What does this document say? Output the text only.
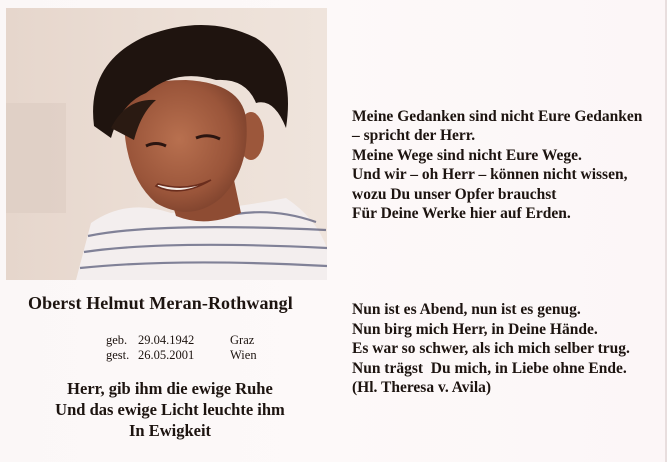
Oberst Helmut Meran-Rothwangl
geb. 29.04.1942	Graz
gest. 26.05.2001	Wien
Herr, gib ihm die ewige Ruhe
Und das ewige Licht leuchte ihm
In Ewigkeit
Meine Gedanken sind nicht Eure Gedanken
– spricht der Herr.
Meine Wege sind nicht Eure Wege.
Und wir – oh Herr – können nicht wissen,
wozu Du unser Opfer brauchst
Für Deine Werke hier auf Erden.
Nun ist es Abend, nun ist es genug.
Nun birg mich Herr, in Deine Hände.
Es war so schwer, als ich mich selber trug.
Nun trägst  Du mich, in Liebe ohne Ende.
(Hl. Theresa v. Avila)
